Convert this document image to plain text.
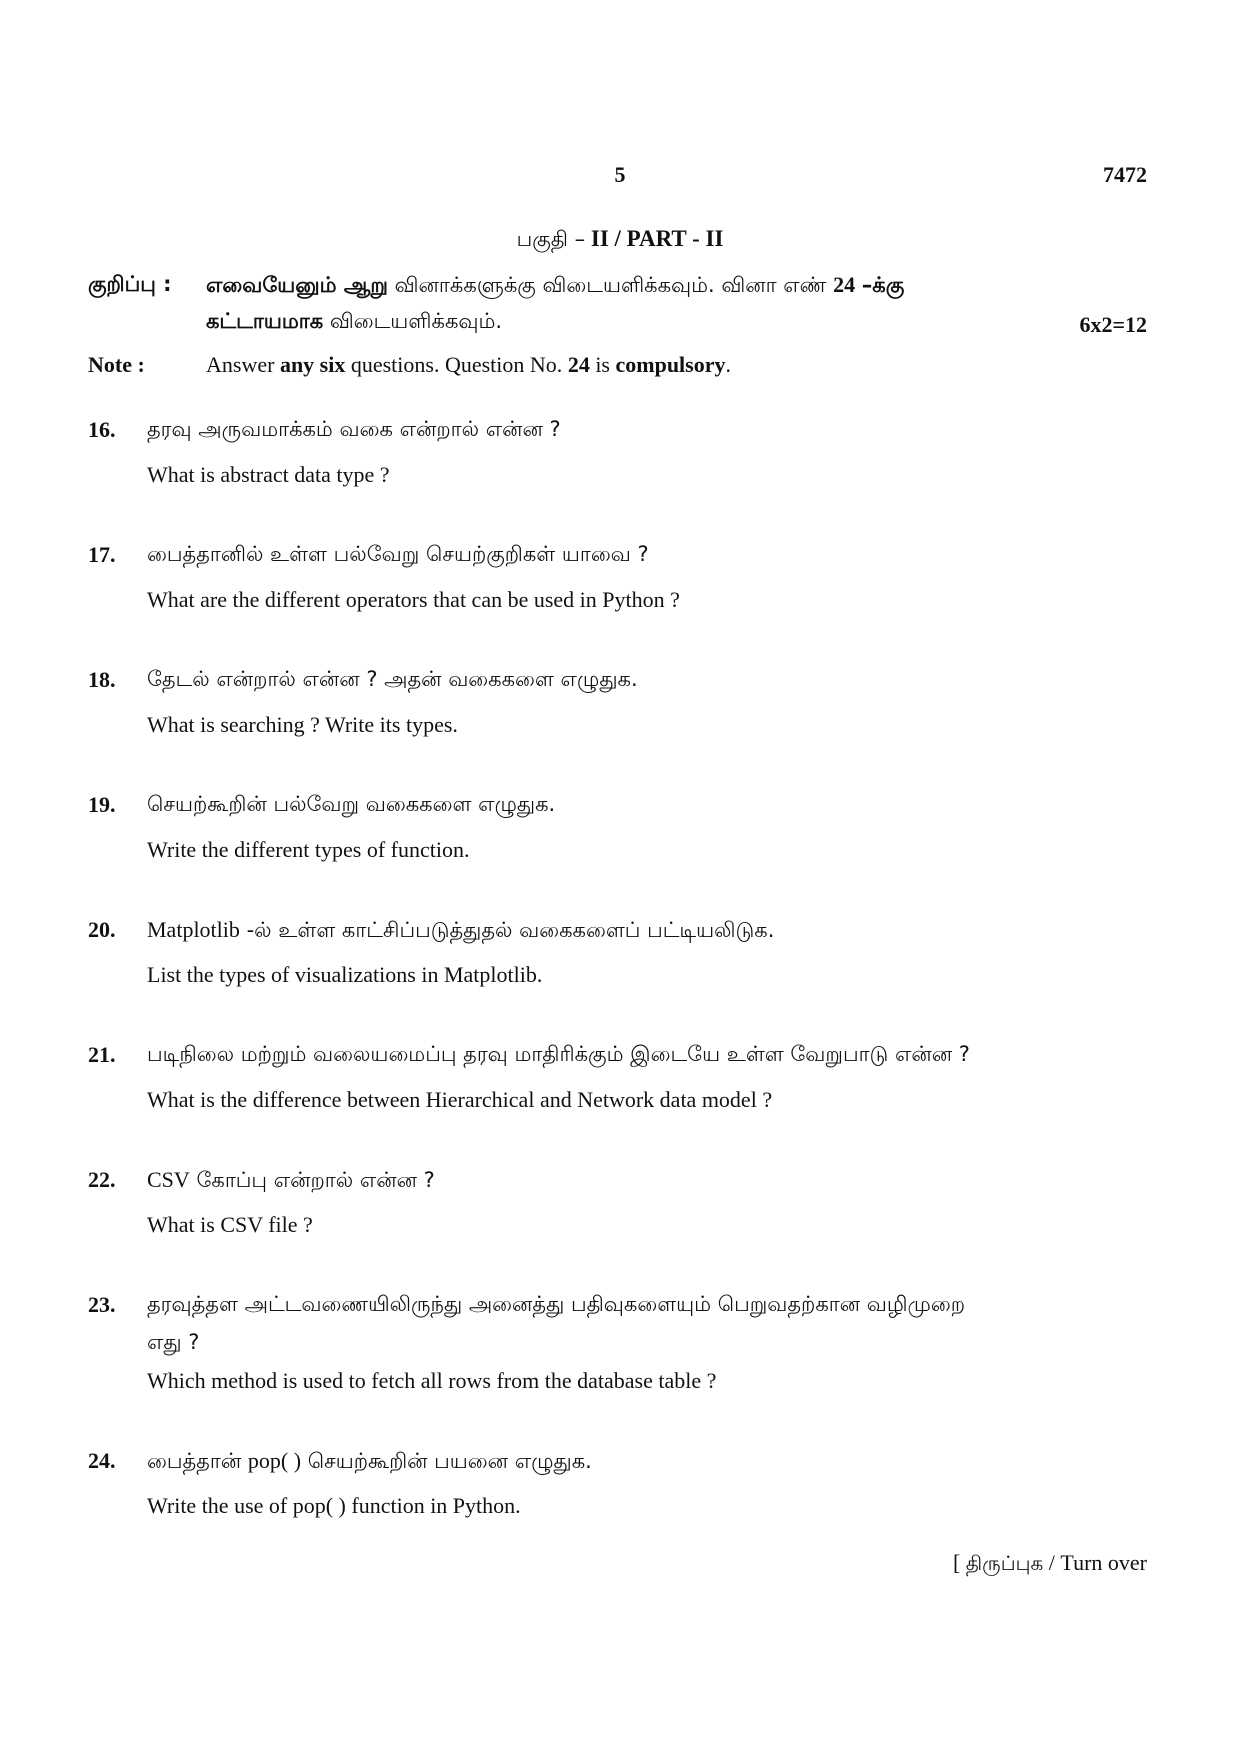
5	7472
பகுதி – II / PART - II
குறிப்பு : எவையேனும் ஆறு வினாக்களுக்கு விடையளிக்கவும். வினா எண் 24 –க்கு
கட்டாயமாக விடையளிக்கவும்.	6x2=12
Note :	Answer any six questions. Question No. 24 is compulsory.
16. தரவு அருவமாக்கம் வகை என்றால் என்ன ?
What is abstract data type ?
17. பைத்தானில் உள்ள பல்வேறு செயற்குறிகள் யாவை ?
What are the different operators that can be used in Python ?
18. தேடல் என்றால் என்ன ? அதன் வகைகளை எழுதுக.
What is searching ? Write its types.
19. செயற்கூறின் பல்வேறு வகைகளை எழுதுக.
Write the different types of function.
20. Matplotlib -ல் உள்ள காட்சிப்படுத்துதல் வகைகளைப் பட்டியலிடுக.
List the types of visualizations in Matplotlib.
21. படிநிலை மற்றும் வலையமைப்பு தரவு மாதிரிக்கும் இடையே உள்ள வேறுபாடு என்ன ?
What is the difference between Hierarchical and Network data model ?
22. CSV கோப்பு என்றால் என்ன ?
What is CSV file ?
23. தரவுத்தள அட்டவணையிலிருந்து அனைத்து பதிவுகளையும் பெறுவதற்கான வழிமுறை
எது ?
Which method is used to fetch all rows from the database table ?
24. பைத்தான் pop( ) செயற்கூறின் பயனை எழுதுக.
Write the use of pop( ) function in Python.
[ திருப்புக / Turn over
